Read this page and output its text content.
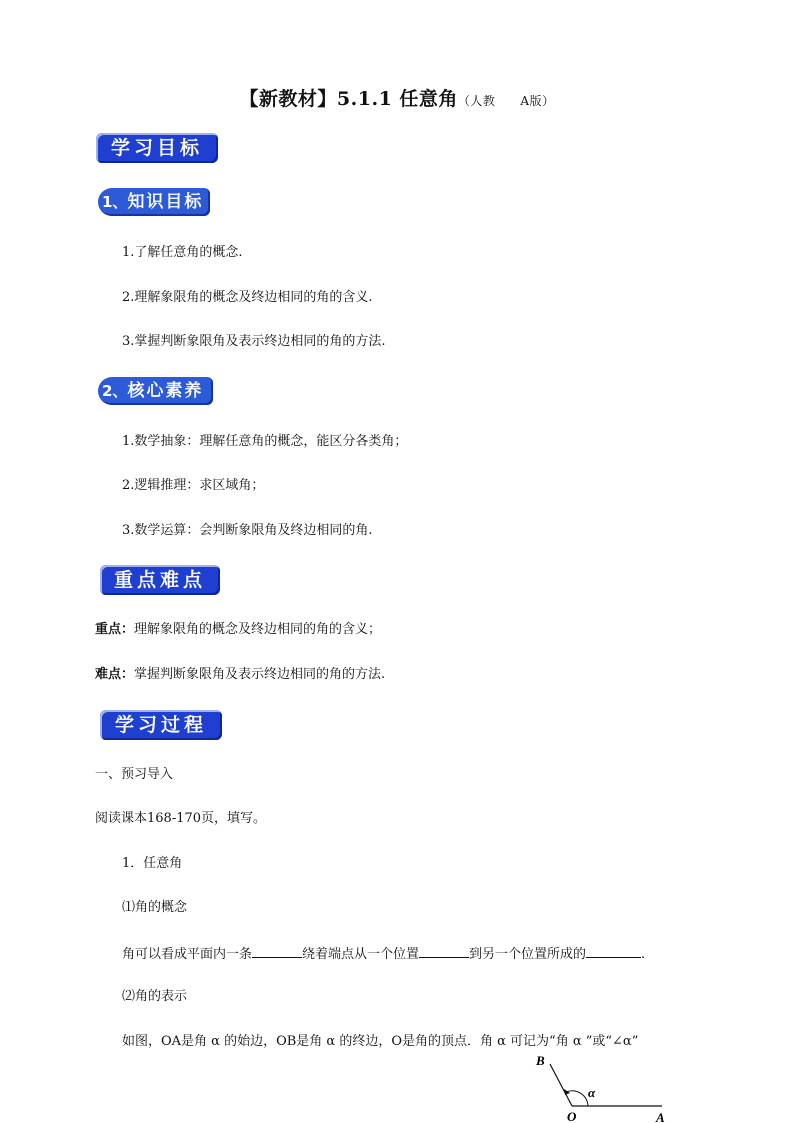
【新教材】5.1.1 任意角（人教　　A版）
学习目标
1、知识目标
1.了解任意角的概念.
2.理解象限角的概念及终边相同的角的含义.
3.掌握判断象限角及表示终边相同的角的方法.
2、核心素养
1.数学抽象：理解任意角的概念，能区分各类角；
2.逻辑推理：求区域角；
3.数学运算：会判断象限角及终边相同的角.
重点难点
重点：理解象限角的概念及终边相同的角的含义；
难点：掌握判断象限角及表示终边相同的角的方法.
学习过程
一、预习导入
阅读课本168-170页，填写。
1．任意角
⑴角的概念
角可以看成平面内一条	绕着端点从一个位置	到另一个位置所成的	.
⑵角的表示
如图，OA是角 α 的始边，OB是角 α 的终边，O是角的顶点．角 α 可记为“角 α ”或“∠α”
B
O	A
α
